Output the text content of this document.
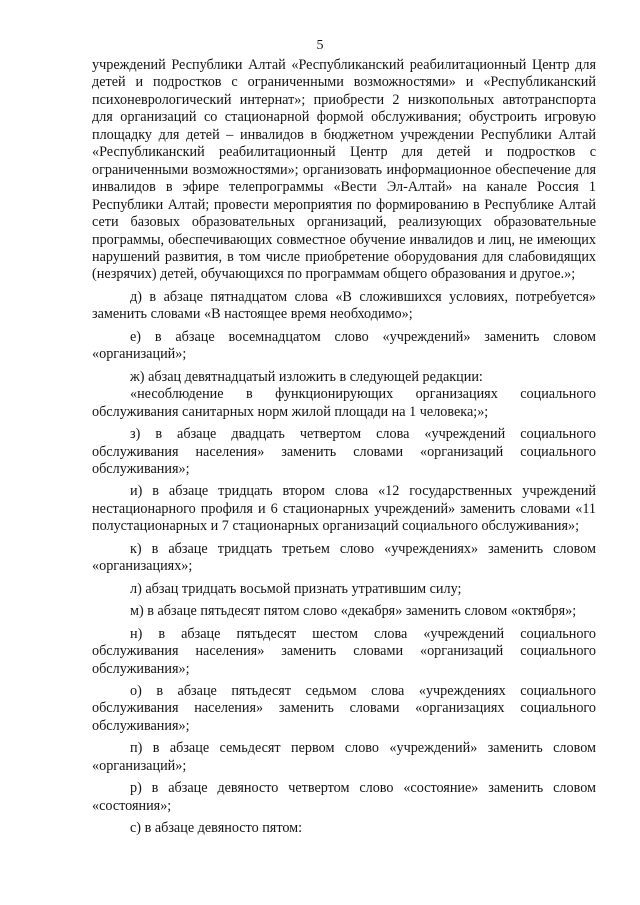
5

учреждений Республики Алтай «Республиканский реабилитационный Центр для детей и подростков с ограниченными возможностями» и «Республиканский психоневрологический интернат»; приобрести 2 низкопольных автотранспорта для организаций со стационарной формой обслуживания; обустроить игровую площадку для детей – инвалидов в бюджетном учреждении Республики Алтай «Республиканский реабилитационный Центр для детей и подростков с ограниченными возможностями»; организовать информационное обеспечение для инвалидов в эфире телепрограммы «Вести Эл-Алтай» на канале Россия 1 Республики Алтай; провести мероприятия по формированию в Республике Алтай сети базовых образовательных организаций, реализующих образовательные программы, обеспечивающих совместное обучение инвалидов и лиц, не имеющих нарушений развития, в том числе приобретение оборудования для слабовидящих (незрячих) детей, обучающихся по программам общего образования и другое.»;

д) в абзаце пятнадцатом слова «В сложившихся условиях, потребуется» заменить словами «В настоящее время необходимо»;

е) в абзаце восемнадцатом слово «учреждений» заменить словом «организаций»;

ж) абзац девятнадцатый изложить в следующей редакции:

«несоблюдение в функционирующих организациях социального обслуживания санитарных норм жилой площади на 1 человека;»;

з) в абзаце двадцать четвертом слова «учреждений социального обслуживания населения» заменить словами «организаций социального обслуживания»;

и) в абзаце тридцать втором слова «12 государственных учреждений нестационарного профиля и 6 стационарных учреждений» заменить словами «11 полустационарных и 7 стационарных организаций социального обслуживания»;

к) в абзаце тридцать третьем слово «учреждениях» заменить словом «организациях»;

л) абзац тридцать восьмой признать утратившим силу;

м) в абзаце пятьдесят пятом слово «декабря» заменить словом «октября»;

н) в абзаце пятьдесят шестом слова «учреждений социального обслуживания населения» заменить словами «организаций социального обслуживания»;

о) в абзаце пятьдесят седьмом слова «учреждениях социального обслуживания населения» заменить словами «организациях социального обслуживания»;

п) в абзаце семьдесят первом слово «учреждений» заменить словом «организаций»;

р) в абзаце девяносто четвертом слово «состояние» заменить словом «состояния»;

с) в абзаце девяносто пятом:
